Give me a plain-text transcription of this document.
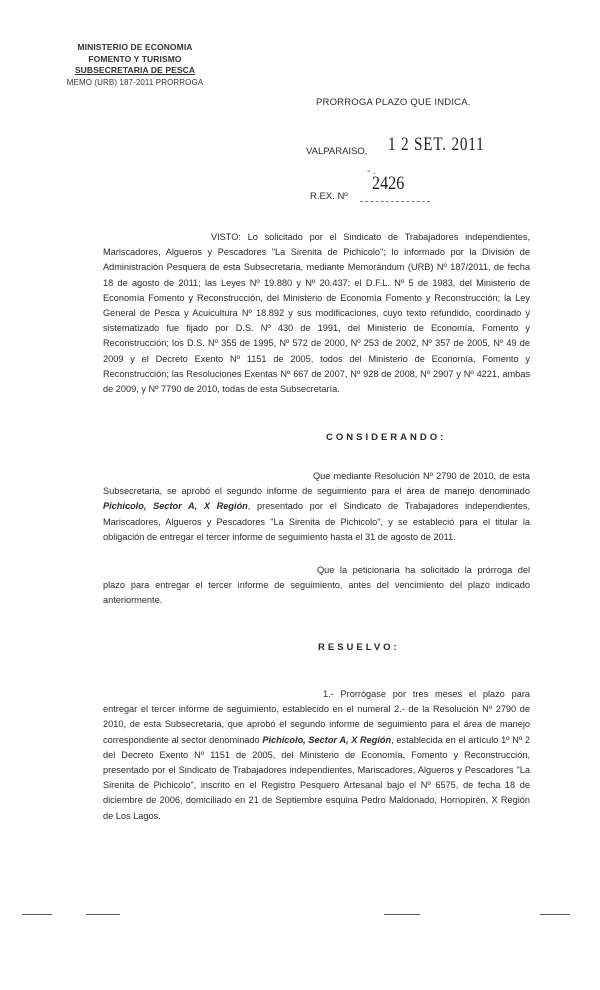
MINISTERIO DE ECONOMIA
FOMENTO Y TURISMO
SUBSECRETARIA DE PESCA
MEMO (URB) 187-2011 PRORROGA
PRORROGA PLAZO QUE INDICA.
1 2 SET. 2011
VALPARAISO,
- .
2426
R.EX. Nº
VISTO: Lo solicitado por el Sindicato de Trabajadores independientes, Mariscadores, Algueros y Pescadores "La Sirenita de Pichicolo"; lo informado por la División de Administración Pesquera de esta Subsecretaria, mediante Memorándum (URB) Nº 187/2011, de fecha 18 de agosto de 2011; las Leyes Nº 19.880 y Nº 20.437; el D.F.L. Nº 5 de 1983, del Ministerio de Economía Fomento y Reconstrucción, del Ministerio de Economía Fomento y Reconstrucción; la Ley General de Pesca y Acuicultura Nº 18.892 y sus modificaciones, cuyo texto refundido, coordinado y sistematizado fue fijado por D.S. Nº 430 de 1991, del Ministerio de Economía, Fomento y Reconstrucción; los D.S. Nº 355 de 1995, Nº 572 de 2000, Nº 253 de 2002, Nº 357 de 2005, Nº 49 de 2009 y el Decreto Exento Nº 1151 de 2005, todos del Ministerio de Economía, Fomento y Reconstrucción; las Resoluciones Exentas Nº 667 de 2007, Nº 928 de 2008, Nº 2907 y Nº 4221, ambas de 2009, y Nº 7790 de 2010, todas de esta Subsecretaría.
CONSIDERANDO:
Que mediante Resolución Nº 2790 de 2010, de esta Subsecretaria, se aprobó el segundo informe de seguimiento para el área de manejo denominado Pichicolo, Sector A, X Región, presentado por el Sindicato de Trabajadores independientes, Mariscadores, Algueros y Pescadores "La Sirenita de Pichicolo", y se estableció para el titular la obligación de entregar el tercer informe de seguimiento hasta el 31 de agosto de 2011.
Que la peticionaria ha solicitado la prórroga del plazo para entregar el tercer informe de seguimiento, antes del vencimiento del plazo indicado anteriormente.
RESUELVO:
1.- Prorrógase por tres meses el plazo para entregar el tercer informe de seguimiento, establecido en el numeral 2.- de la Resolución Nº 2790 de 2010, de esta Subsecretaria, que aprobó el segundo informe de seguimiento para el área de manejo correspondiente al sector denominado Pichicolo, Sector A, X Región, establecida en el artículo 1º Nº 2 del Decreto Exento Nº 1151 de 2005, del Ministerio de Economía, Fomento y Reconstrucción, presentado por el Sindicato de Trabajadores independientes, Mariscadores, Algueros y Pescadores "La Sirenita de Pichicolo", inscrito en el Registro Pesquero Artesanal bajo el Nº 6575, de fecha 18 de diciembre de 2006, domiciliado en 21 de Septiembre esquina Pedro Maldonado, Hornopirén, X Región de Los Lagos.
